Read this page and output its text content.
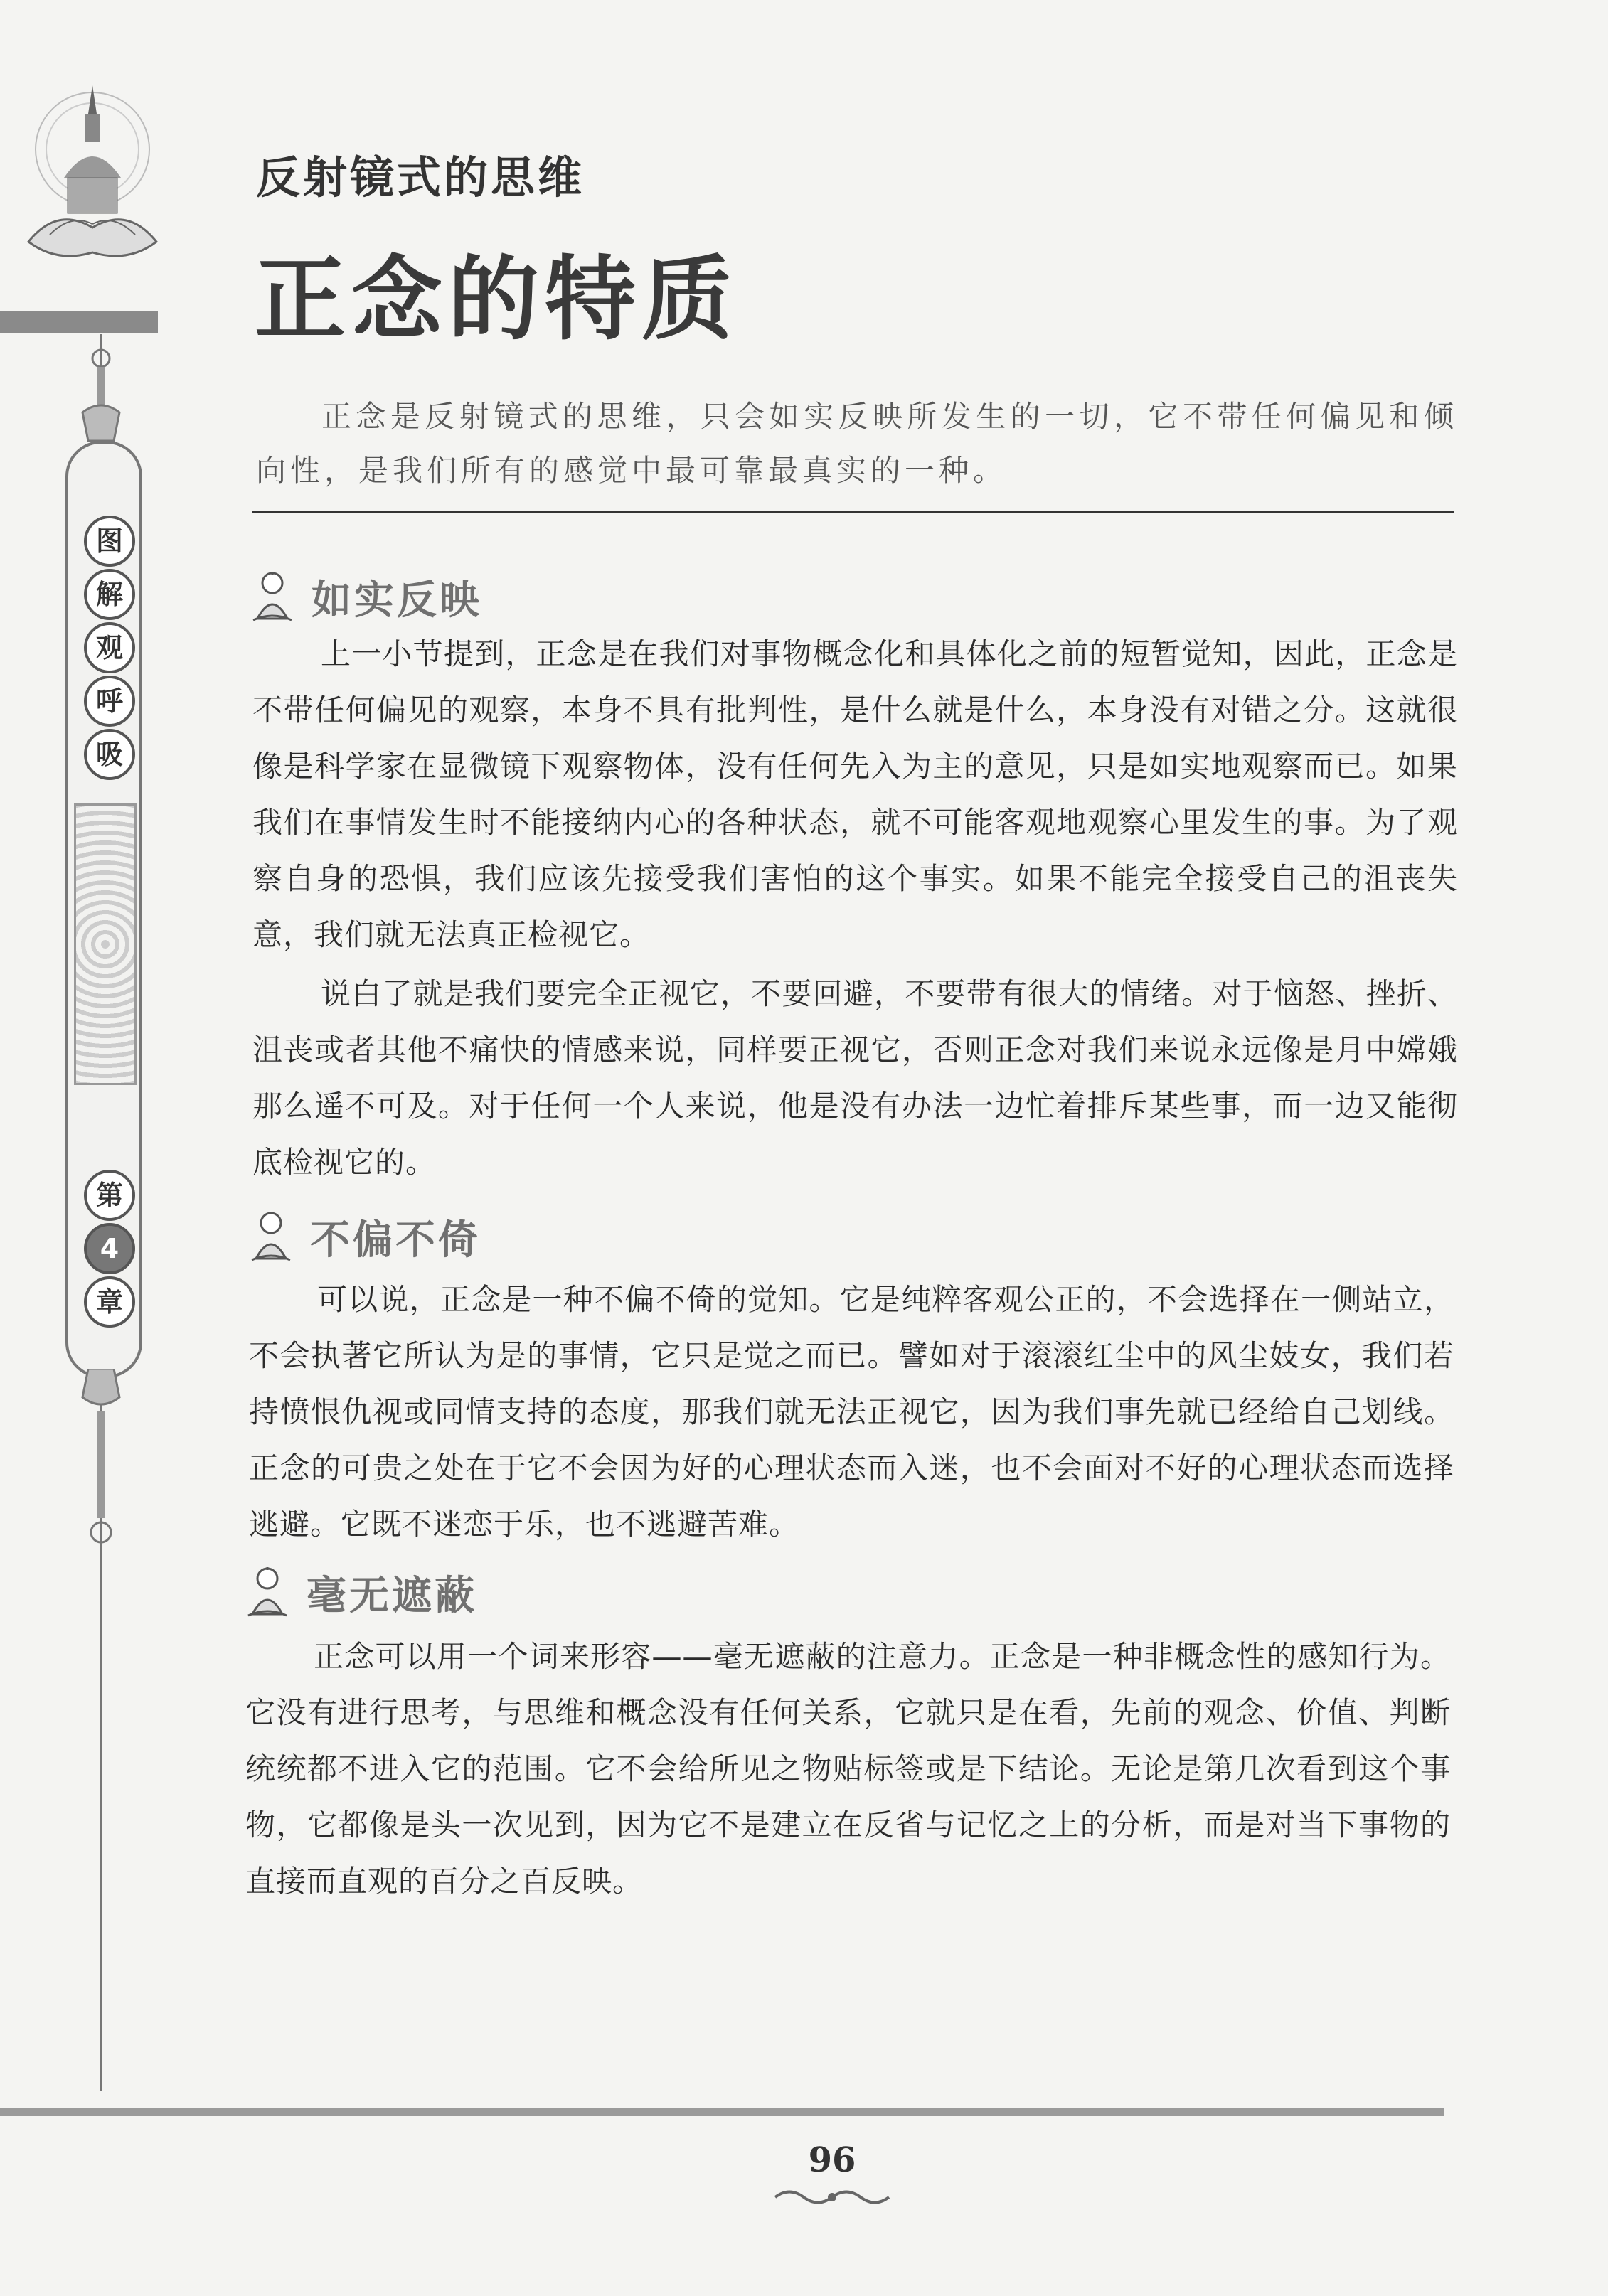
反射镜式的思维
正念的特质
图
解
观
呼
吸
第
4
章

正念是反射镜式的思维，只会如实反映所发生的一切，它不带任何偏见和倾向性，是我们所有的感觉中最可靠最真实的一种。

如实反映

上一小节提到，正念是在我们对事物概念化和具体化之前的短暂觉知，因此，正念是不带任何偏见的观察，本身不具有批判性，是什么就是什么，本身没有对错之分。这就很像是科学家在显微镜下观察物体，没有任何先入为主的意见，只是如实地观察而已。如果我们在事情发生时不能接纳内心的各种状态，就不可能客观地观察心里发生的事。为了观察自身的恐惧，我们应该先接受我们害怕的这个事实。如果不能完全接受自己的沮丧失意，我们就无法真正检视它。

说白了就是我们要完全正视它，不要回避，不要带有很大的情绪。对于恼怒、挫折、沮丧或者其他不痛快的情感来说，同样要正视它，否则正念对我们来说永远像是月中嫦娥那么遥不可及。对于任何一个人来说，他是没有办法一边忙着排斥某些事，而一边又能彻底检视它的。

不偏不倚

可以说，正念是一种不偏不倚的觉知。它是纯粹客观公正的，不会选择在一侧站立，不会执著它所认为是的事情，它只是觉之而已。譬如对于滚滚红尘中的风尘妓女，我们若持愤恨仇视或同情支持的态度，那我们就无法正视它，因为我们事先就已经给自己划线。正念的可贵之处在于它不会因为好的心理状态而入迷，也不会面对不好的心理状态而选择逃避。它既不迷恋于乐，也不逃避苦难。

毫无遮蔽

正念可以用一个词来形容——毫无遮蔽的注意力。正念是一种非概念性的感知行为。它没有进行思考，与思维和概念没有任何关系，它就只是在看，先前的观念、价值、判断统统都不进入它的范围。它不会给所见之物贴标签或是下结论。无论是第几次看到这个事物，它都像是头一次见到，因为它不是建立在反省与记忆之上的分析，而是对当下事物的直接而直观的百分之百反映。

96
